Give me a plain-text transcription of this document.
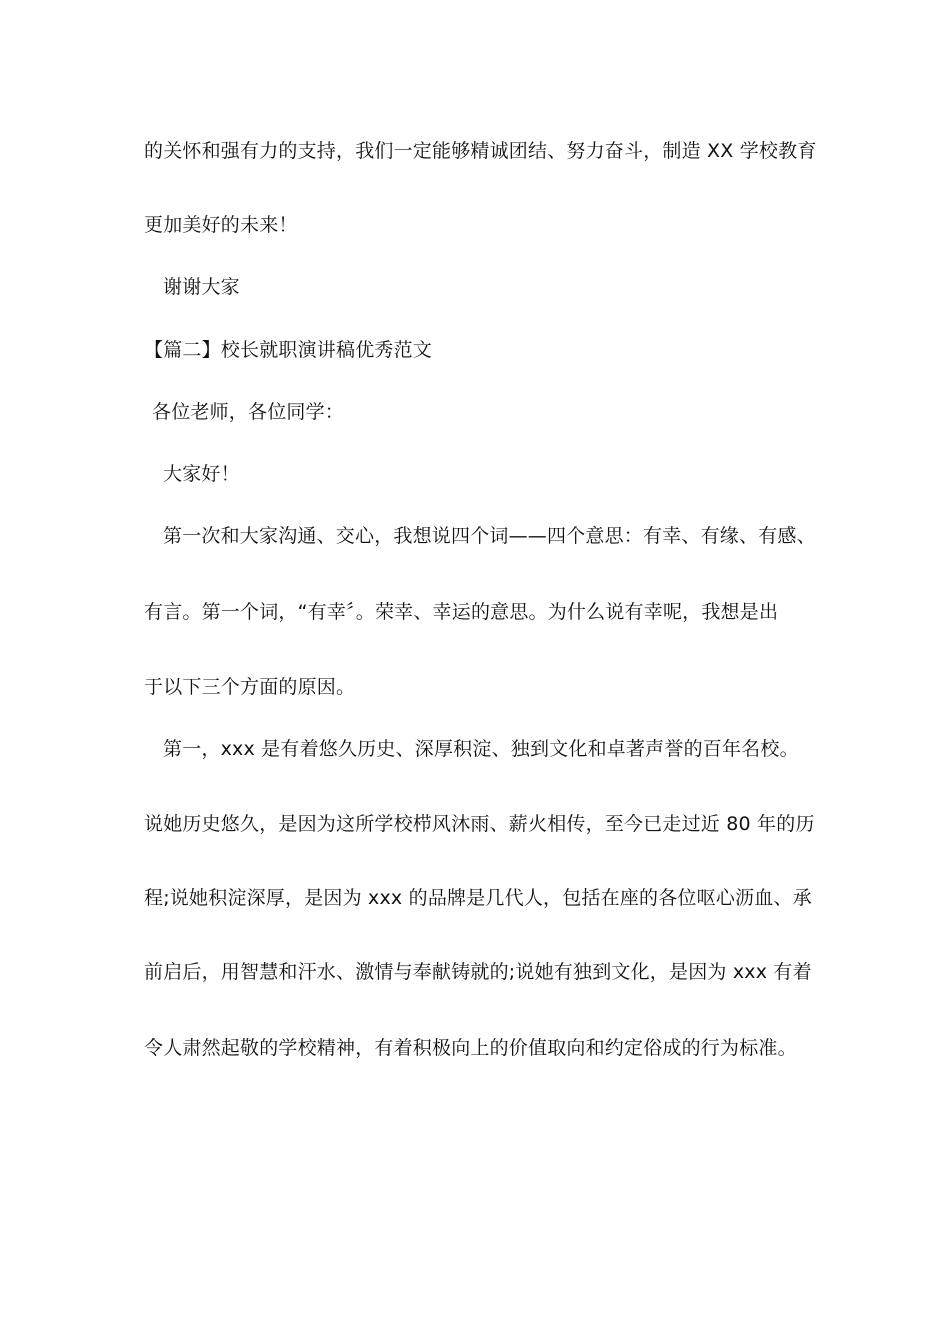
的关怀和强有力的支持，我们一定能够精诚团结、努力奋斗，制造 XX 学校教育
更加美好的未来！
谢谢大家
【篇二】校长就职演讲稿优秀范文
各位老师，各位同学：
大家好！
第一次和大家沟通、交心，我想说四个词——四个意思：有幸、有缘、有感、
有言。第一个词，“有幸〞。荣幸、幸运的意思。为什么说有幸呢，我想是出
于以下三个方面的原因。
第一，xxx 是有着悠久历史、深厚积淀、独到文化和卓著声誉的百年名校。
说她历史悠久，是因为这所学校栉风沐雨、薪火相传，至今已走过近 80 年的历
程;说她积淀深厚，是因为 xxx 的品牌是几代人，包括在座的各位呕心沥血、承
前启后，用智慧和汗水、激情与奉献铸就的;说她有独到文化，是因为 xxx 有着
令人肃然起敬的学校精神，有着积极向上的价值取向和约定俗成的行为标准。
